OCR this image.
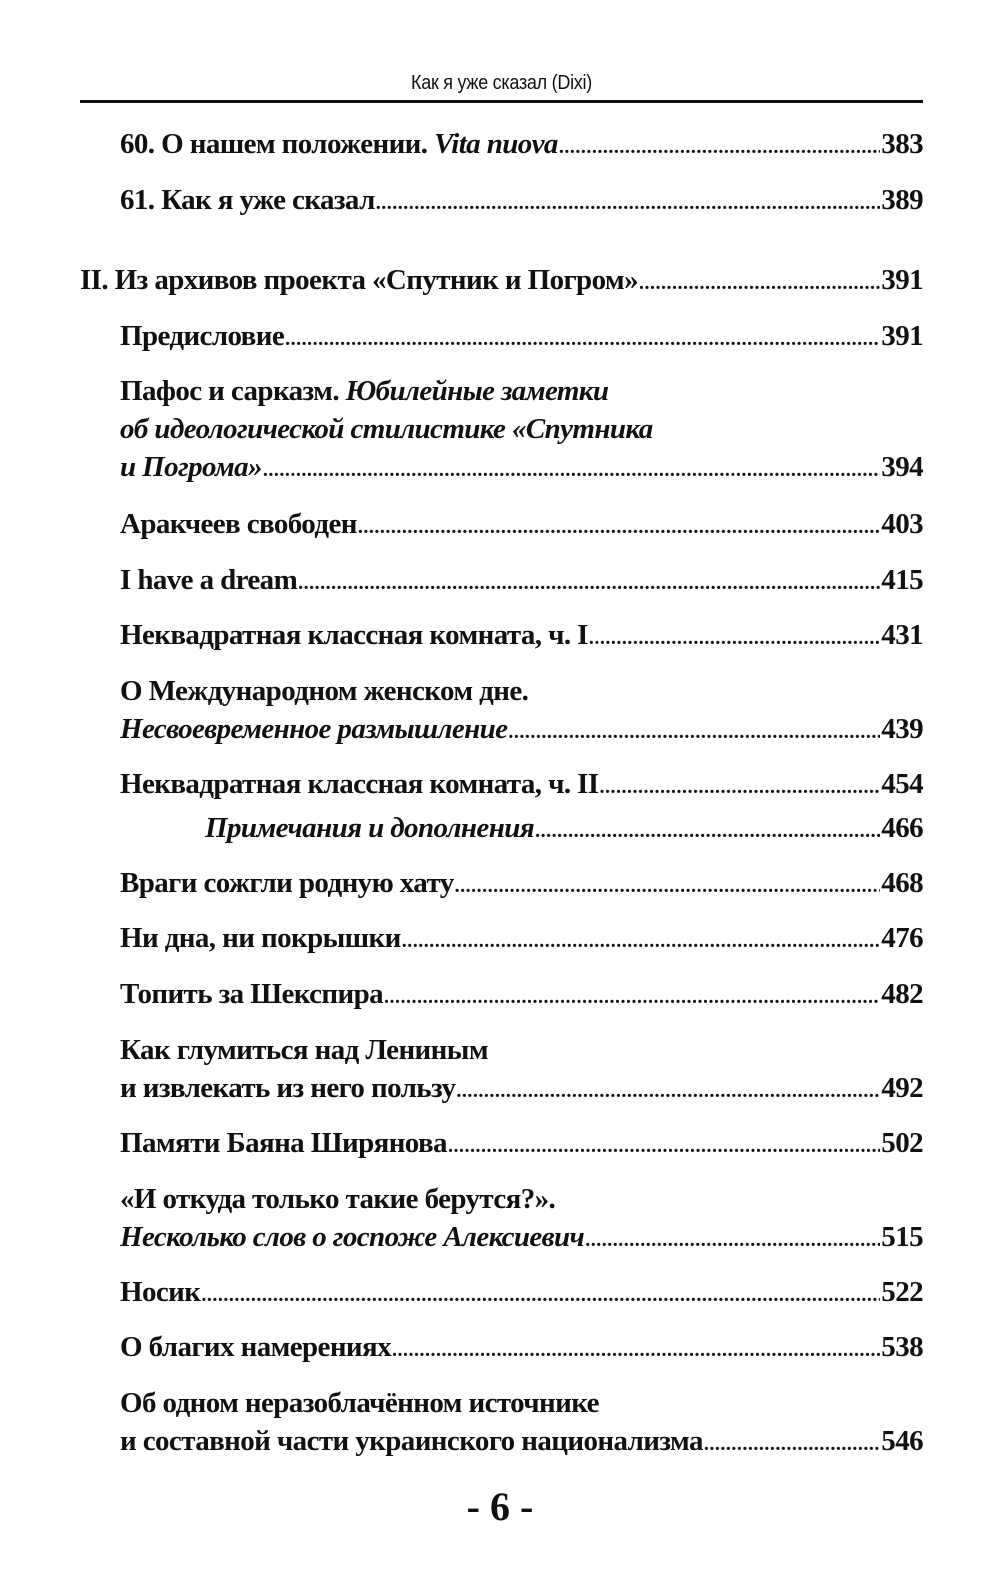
Как я уже сказал (Dixi)
60. О нашем положении. Vita nuova .....	383
61. Как я уже сказал .....	389
II. Из архивов проекта «Спутник и Погром» .....	391
Предисловие .....	391
Пафос и сарказм. Юбилейные заметки
об идеологической стилистике «Спутника
и Погрома» .....	394
Аракчеев свободен .....	403
I have a dream .....	415
Неквадратная классная комната, ч. I .....	431
О Международном женском дне.
Несвоевременное размышление .....	439
Неквадратная классная комната, ч. II .....	454
Примечания и дополнения .....	466
Враги сожгли родную хату .....	468
Ни дна, ни покрышки .....	476
Топить за Шекспира .....	482
Как глумиться над Лениным
и извлекать из него пользу .....	492
Памяти Баяна Ширянова .....	502
«И откуда только такие берутся?».
Несколько слов о госпоже Алексиевич .....	515
Носик .....	522
О благих намерениях .....	538
Об одном неразоблачённом источнике
и составной части украинского национализма .....	546
- 6 -
